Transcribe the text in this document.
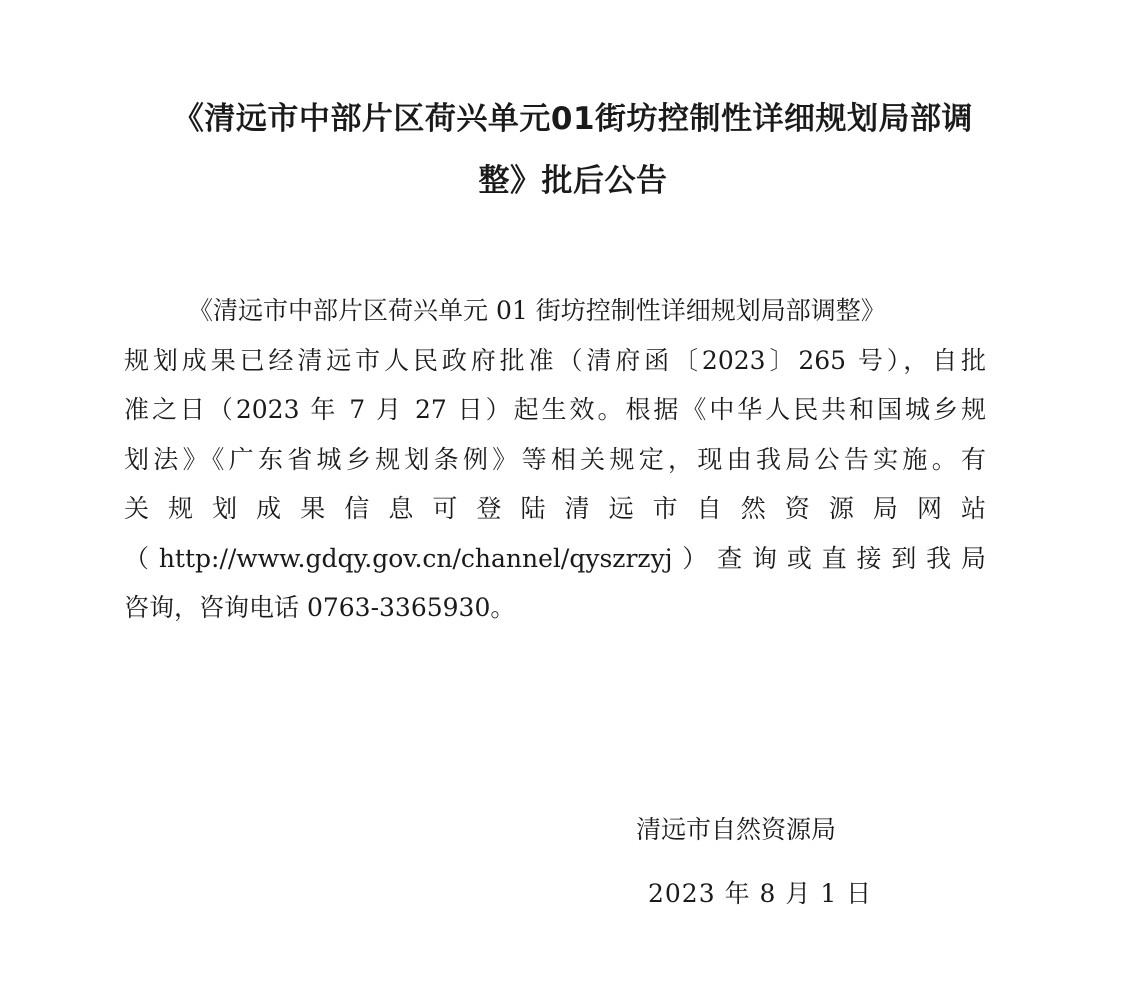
《清远市中部片区荷兴单元01街坊控制性详细规划局部调
整》批后公告
《清远市中部片区荷兴单元 01 街坊控制性详细规划局部调整》
规划成果已经清远市人民政府批准（清府函〔2023〕265 号），自批
准之日（2023 年 7 月 27 日）起生效。根据《中华人民共和国城乡规
划法》《广东省城乡规划条例》等相关规定，现由我局公告实施。有
关 规 划 成 果 信 息 可 登 陆 清 远 市 自 然 资 源 局 网 站
（http://www.gdqy.gov.cn/channel/qyszrzyj）查询或直接到我局
咨询，咨询电话 0763-3365930。

清远市自然资源局

2023 年 8 月 1 日
